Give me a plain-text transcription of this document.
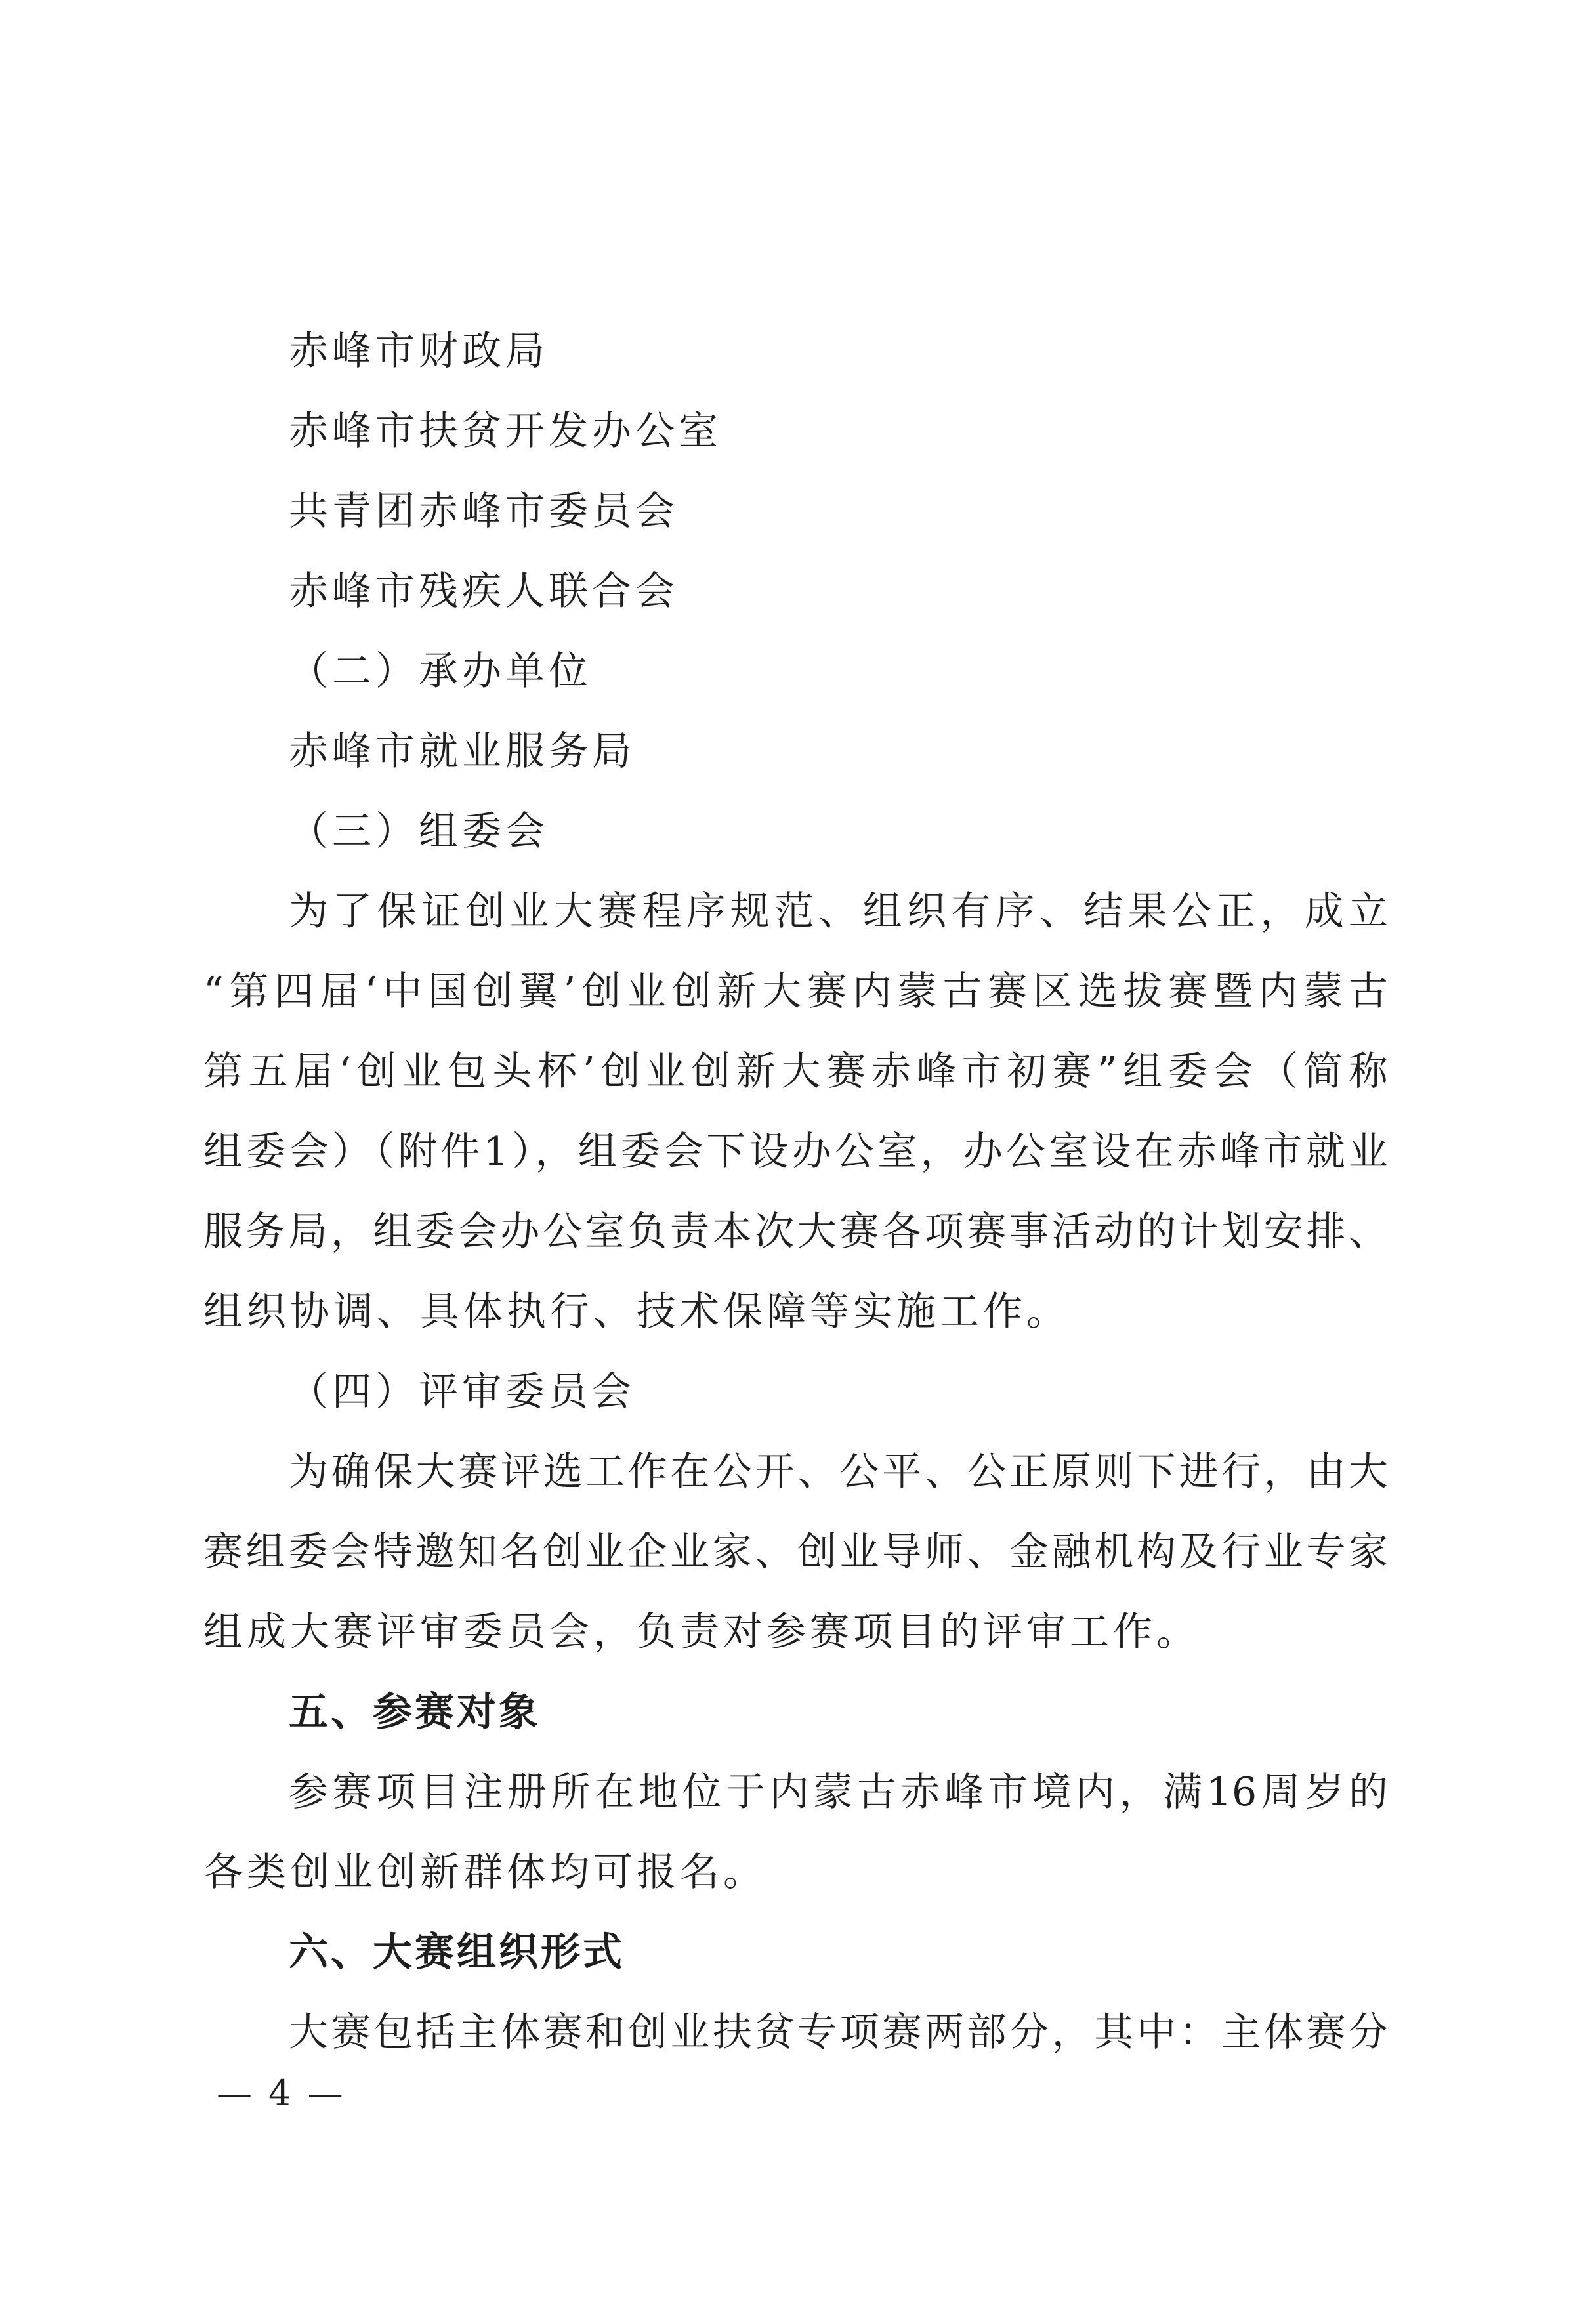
赤峰市财政局
赤峰市扶贫开发办公室
共青团赤峰市委员会
赤峰市残疾人联合会
（二）承办单位
赤峰市就业服务局
（三）组委会
为了保证创业大赛程序规范、组织有序、结果公正，成立
“第四届‘中国创翼’创业创新大赛内蒙古赛区选拔赛暨内蒙古
第五届‘创业包头杯’创业创新大赛赤峰市初赛”组委会（简称
组委会）（附件1），组委会下设办公室，办公室设在赤峰市就业
服务局，组委会办公室负责本次大赛各项赛事活动的计划安排、
组织协调、具体执行、技术保障等实施工作。
（四）评审委员会
为确保大赛评选工作在公开、公平、公正原则下进行，由大
赛组委会特邀知名创业企业家、创业导师、金融机构及行业专家
组成大赛评审委员会，负责对参赛项目的评审工作。
五、参赛对象
参赛项目注册所在地位于内蒙古赤峰市境内，满16周岁的
各类创业创新群体均可报名。
六、大赛组织形式
大赛包括主体赛和创业扶贫专项赛两部分，其中：主体赛分
— 4 —
